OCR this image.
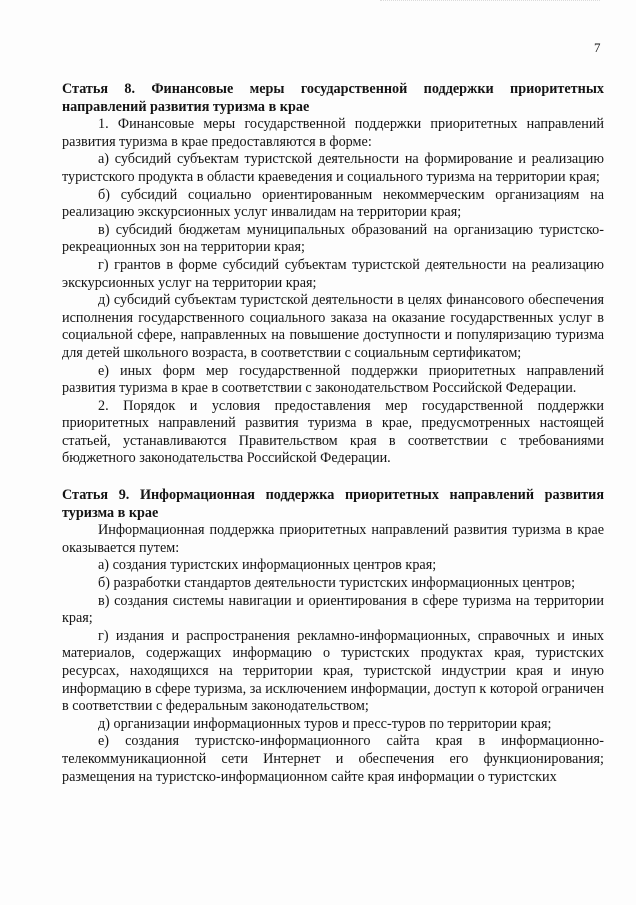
7

Статья 8. Финансовые меры государственной поддержки приоритетных направлений развития туризма в крае

1. Финансовые меры государственной поддержки приоритетных направлений развития туризма в крае предоставляются в форме:

а) субсидий субъектам туристской деятельности на формирование и реализацию туристского продукта в области краеведения и социального туризма на территории края;

б) субсидий социально ориентированным некоммерческим организациям на реализацию экскурсионных услуг инвалидам на территории края;

в) субсидий бюджетам муниципальных образований на организацию туристско-рекреационных зон на территории края;

г) грантов в форме субсидий субъектам туристской деятельности на реализацию экскурсионных услуг на территории края;

д) субсидий субъектам туристской деятельности в целях финансового обеспечения исполнения государственного социального заказа на оказание государственных услуг в социальной сфере, направленных на повышение доступности и популяризацию туризма для детей школьного возраста, в соответствии с социальным сертификатом;

е) иных форм мер государственной поддержки приоритетных направлений развития туризма в крае в соответствии с законодательством Российской Федерации.

2. Порядок и условия предоставления мер государственной поддержки приоритетных направлений развития туризма в крае, предусмотренных настоящей статьей, устанавливаются Правительством края в соответствии с требованиями бюджетного законодательства Российской Федерации.

Статья 9. Информационная поддержка приоритетных направлений развития туризма в крае

Информационная поддержка приоритетных направлений развития туризма в крае оказывается путем:

а) создания туристских информационных центров края;

б) разработки стандартов деятельности туристских информационных центров;

в) создания системы навигации и ориентирования в сфере туризма на территории края;

г) издания и распространения рекламно-информационных, справочных и иных материалов, содержащих информацию о туристских продуктах края, туристских ресурсах, находящихся на территории края, туристской индустрии края и иную информацию в сфере туризма, за исключением информации, доступ к которой ограничен в соответствии с федеральным законодательством;

д) организации информационных туров и пресс-туров по территории края;

е) создания туристско-информационного сайта края в информационно-телекоммуникационной сети Интернет и обеспечения его функционирования; размещения на туристско-информационном сайте края информации о туристских
